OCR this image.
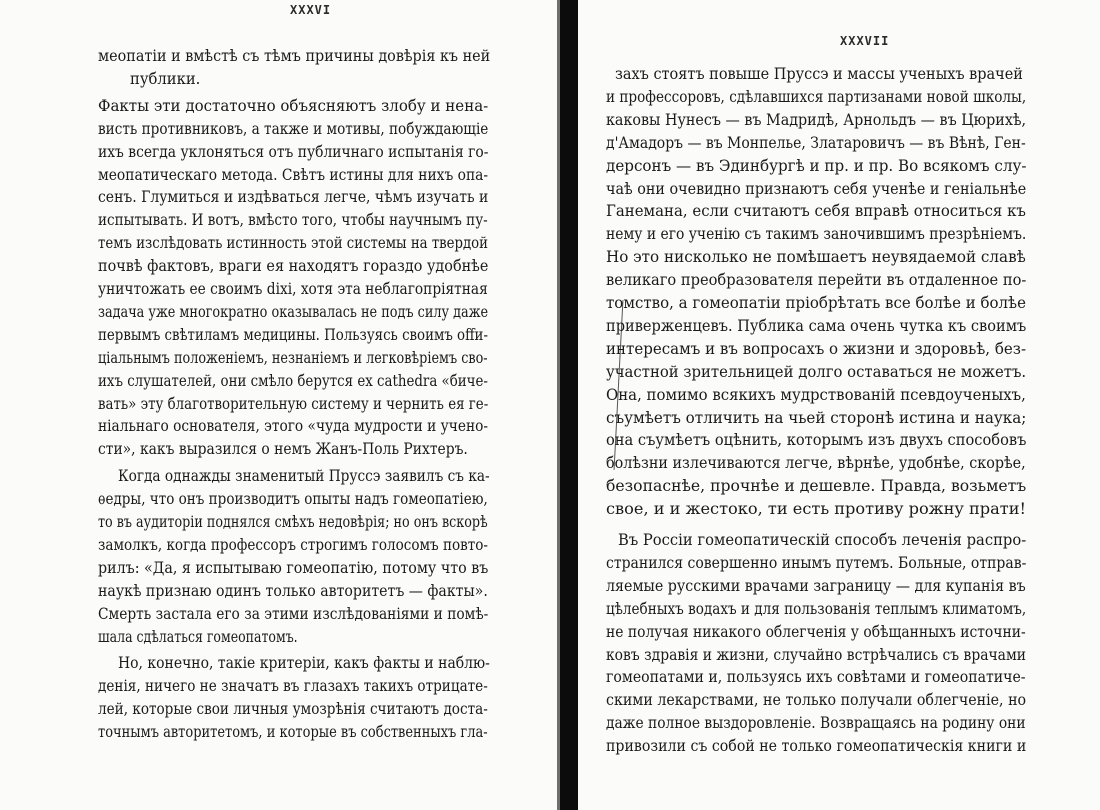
XXXVI
меопатіи и вмѣстѣ съ тѣмъ причины довѣрія къ ней
публики.
Факты эти достаточно объясняютъ злобу и нена-
висть противниковъ, а также и мотивы, побуждающіе
ихъ всегда уклоняться отъ публичнаго испытанія го-
меопатическаго метода. Свѣтъ истины для нихъ опа-
сенъ. Глумиться и издѣваться легче, чѣмъ изучать и
испытывать. И вотъ, вмѣсто того, чтобы научнымъ пу-
темъ изслѣдовать истинность этой системы на твердой
почвѣ фактовъ, враги ея находятъ гораздо удобнѣе
уничтожать ее своимъ dixi, хотя эта неблагопріятная
задача уже многократно оказывалась не подъ силу даже
первымъ свѣтиламъ медицины. Пользуясь своимъ offи-
ціальнымъ положеніемъ, незнаніемъ и легковѣріемъ сво-
ихъ слушателей, они смѣло берутся ex cathedra «бичe-
вать» эту благотворительную систему и чернить ея ге-
ніальнаго основателя, этого «чуда мудрости и учено-
сти», какъ выразился о немъ Жанъ-Поль Рихтеръ.
Когда однажды знаменитый Пруссэ заявилъ съ ка-
ѳедры, что онъ производитъ опыты надъ гомеопатіею,
то въ аудиторіи поднялся смѣхъ недовѣрія; но онъ вскорѣ
замолкъ, когда профессоръ строгимъ голосомъ повто-
рилъ: «Да, я испытываю гомеопатію, потому что въ
наукѣ признаю одинъ только авторитетъ — факты».
Смерть застала его за этими изслѣдованіями и помѣ-
шала сдѣлаться гомеопатомъ.
Но, конечно, такіе критеріи, какъ факты и наблю-
денія, ничего не значатъ въ глазахъ такихъ отрицате-
лей, которые свои личныя умозрѣнія считаютъ доста-
точнымъ авторитетомъ, и которые въ собственныхъ гла-
XXXVII
захъ стоятъ повыше Пруссэ и массы ученыхъ врачей
и профессоровъ, сдѣлавшихся партизанами новой школы,
каковы Нунесъ — въ Мадридѣ, Арнольдъ — въ Цюрихѣ,
д'Амадоръ — въ Монпелье, Златаровичъ — въ Вѣнѣ, Ген-
дерсонъ — въ Эдинбургѣ и пр. и пр. Во всякомъ слу-
чаѣ они очевидно признаютъ себя ученѣе и геніальнѣе
Ганемана, если считаютъ себя вправѣ относиться къ
нему и его ученію съ такимъ заночившимъ презрѣніемъ.
Но это нисколько не помѣшаетъ неувядаемой славѣ
великаго преобразователя перейти въ отдаленное по-
томство, а гомеопатіи пріобрѣтать все болѣе и болѣе
приверженцевъ. Публика сама очень чутка къ своимъ
интересамъ и въ вопросахъ о жизни и здоровьѣ, без-
участной зрительницей долго оставаться не можетъ.
Она, помимо всякихъ мудрствованій псевдоученыхъ,
съумѣетъ отличить на чьей сторонѣ истина и наука;
она съумѣетъ оцѣнить, которымъ изъ двухъ способовъ
болѣзни излечиваются легче, вѣрнѣе, удобнѣе, скорѣе,
безопаснѣе, прочнѣе и дешевле. Правда, возьметъ
свое, и и жестоко, ти есть противу рожну прати!
Въ Россіи гомеопатическій способъ леченія распро-
странился совершенно инымъ путемъ. Больные, отправ-
ляемые русскими врачами заграницу — для купанія въ
цѣлебныхъ водахъ и для пользованія теплымъ климатомъ,
не получая никакого облегченія у обѣщанныхъ источни-
ковъ здравія и жизни, случайно встрѣчались съ врачами
гомеопатами и, пользуясь ихъ совѣтами и гомеопатиче-
скими лекарствами, не только получали облегченіе, но
даже полное выздоровленіе. Возвращаясь на родину они
привозили съ собой не только гомеопатическія книги и
